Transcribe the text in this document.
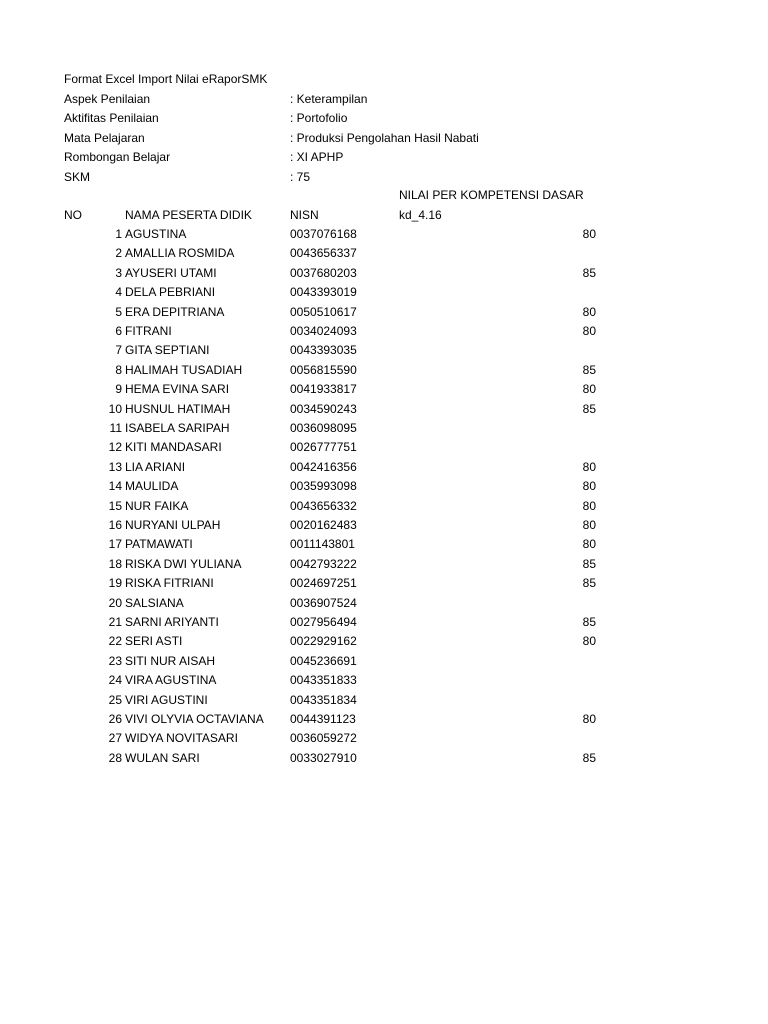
Format Excel Import Nilai eRaporSMK
Aspek Penilaian	: Keterampilan
Aktifitas Penilaian	: Portofolio
Mata Pelajaran	: Produksi Pengolahan Hasil Nabati
Rombongan Belajar	: XI APHP
SKM	: 75
NILAI PER KOMPETENSI DASAR
NO	NAMA PESERTA DIDIK	NISN	kd_4.16
1 AGUSTINA	0037076168	80
2 AMALLIA ROSMIDA	0043656337
3 AYUSERI UTAMI	0037680203	85
4 DELA PEBRIANI	0043393019
5 ERA DEPITRIANA	0050510617	80
6 FITRANI	0034024093	80
7 GITA SEPTIANI	0043393035
8 HALIMAH TUSADIAH	0056815590	85
9 HEMA EVINA SARI	0041933817	80
10 HUSNUL HATIMAH	0034590243	85
11 ISABELA SARIPAH	0036098095
12 KITI MANDASARI	0026777751
13 LIA ARIANI	0042416356	80
14 MAULIDA	0035993098	80
15 NUR FAIKA	0043656332	80
16 NURYANI ULPAH	0020162483	80
17 PATMAWATI	0011143801	80
18 RISKA DWI YULIANA	0042793222	85
19 RISKA FITRIANI	0024697251	85
20 SALSIANA	0036907524
21 SARNI ARIYANTI	0027956494	85
22 SERI ASTI	0022929162	80
23 SITI NUR AISAH	0045236691
24 VIRA AGUSTINA	0043351833
25 VIRI AGUSTINI	0043351834
26 VIVI OLYVIA OCTAVIANA 0044391123	80
27 WIDYA NOVITASARI	0036059272
28 WULAN SARI	0033027910	85
